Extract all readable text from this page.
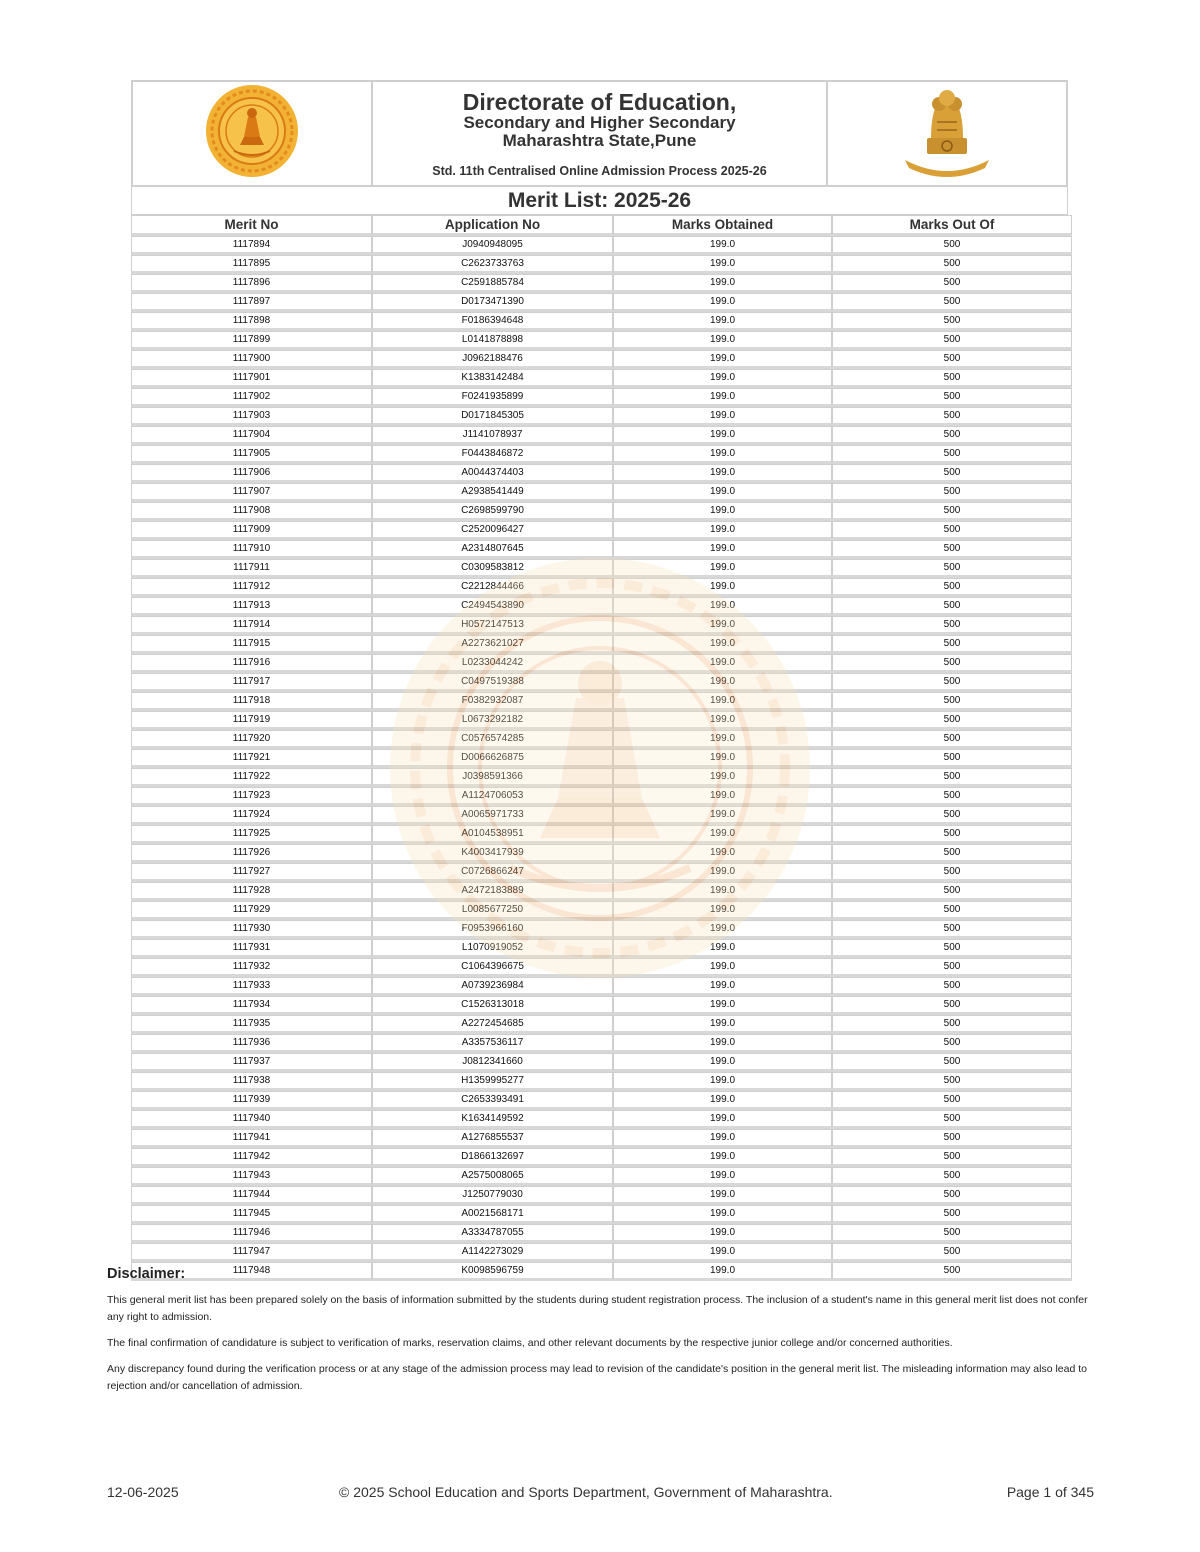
Directorate of Education,
Secondary and Higher Secondary
Maharashtra State,Pune
Std. 11th Centralised Online Admission Process 2025-26

Merit List: 2025-26
Merit No	Application No	Marks Obtained	Marks Out Of
1117894	J0940948095	199.0	500
1117895	C2623733763	199.0	500
1117896	C2591885784	199.0	500
1117897	D0173471390	199.0	500
1117898	F0186394648	199.0	500
1117899	L0141878898	199.0	500
1117900	J0962188476	199.0	500
1117901	K1383142484	199.0	500
1117902	F0241935899	199.0	500
1117903	D0171845305	199.0	500
1117904	J1141078937	199.0	500
1117905	F0443846872	199.0	500
1117906	A0044374403	199.0	500
1117907	A2938541449	199.0	500
1117908	C2698599790	199.0	500
1117909	C2520096427	199.0	500
1117910	A2314807645	199.0	500
1117911	C0309583812	199.0	500
1117912	C2212844466	199.0	500
1117913	C2494543890	199.0	500
1117914	H0572147513	199.0	500
1117915	A2273621027	199.0	500
1117916	L0233044242	199.0	500
1117917	C0497519388	199.0	500
1117918	F0382932087	199.0	500
1117919	L0673292182	199.0	500
1117920	C0576574285	199.0	500
1117921	D0066626875	199.0	500
1117922	J0398591366	199.0	500
1117923	A1124706053	199.0	500
1117924	A0065971733	199.0	500
1117925	A0104538951	199.0	500
1117926	K4003417939	199.0	500
1117927	C0726866247	199.0	500
1117928	A2472183889	199.0	500
1117929	L0085677250	199.0	500
1117930	F0953966160	199.0	500
1117931	L1070919052	199.0	500
1117932	C1064396675	199.0	500
1117933	A0739236984	199.0	500
1117934	C1526313018	199.0	500
1117935	A2272454685	199.0	500
1117936	A3357536117	199.0	500
1117937	J0812341660	199.0	500
1117938	H1359995277	199.0	500
1117939	C2653393491	199.0	500
1117940	K1634149592	199.0	500
1117941	A1276855537	199.0	500
1117942	D1866132697	199.0	500
1117943	A2575008065	199.0	500
1117944	J1250779030	199.0	500
1117945	A0021568171	199.0	500
1117946	A3334787055	199.0	500
1117947	A1142273029	199.0	500
1117948	K0098596759	199.0	500
Disclaimer:

This general merit list has been prepared solely on the basis of information submitted by the students during student registration process. The inclusion of a student's name in this general merit list does not confer any right to admission.

The final confirmation of candidature is subject to verification of marks, reservation claims, and other relevant documents by the respective junior college and/or concerned authorities.

Any discrepancy found during the verification process or at any stage of the admission process may lead to revision of the candidate's position in the general merit list. The misleading information may also lead to rejection and/or cancellation of admission.

12-06-2025	© 2025 School Education and Sports Department, Government of Maharashtra.	Page 1 of 345
